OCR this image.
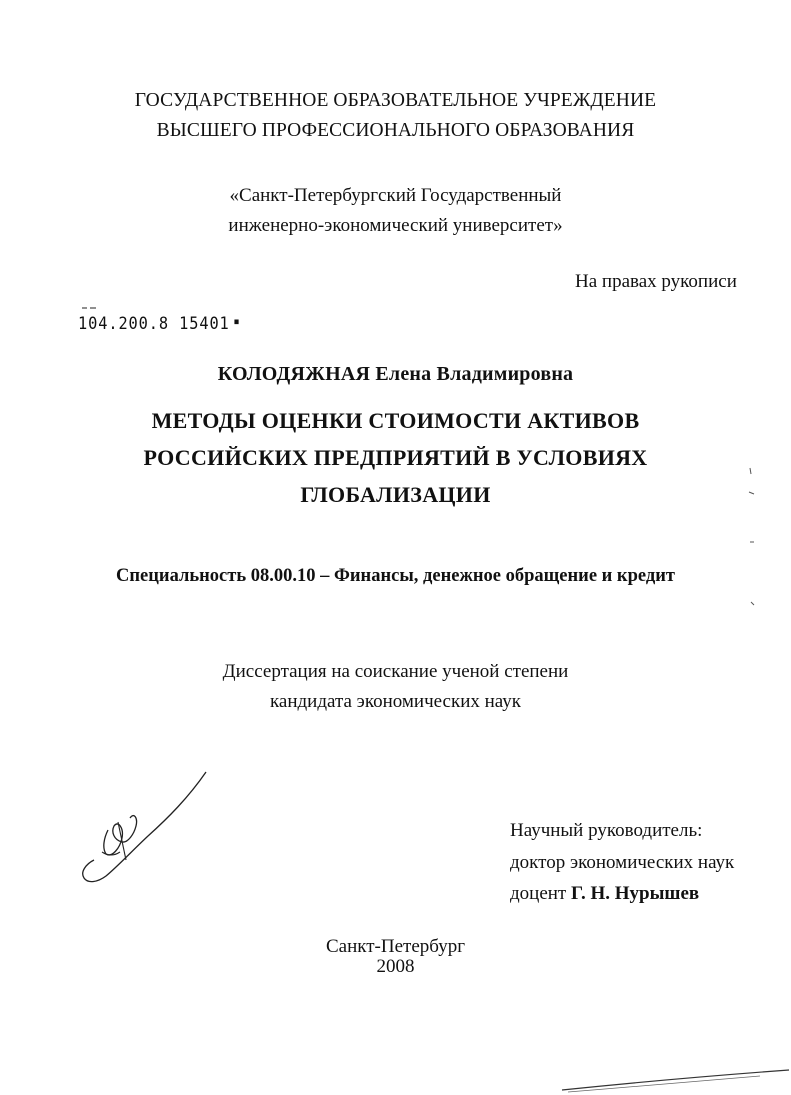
ГОСУДАРСТВЕННОЕ ОБРАЗОВАТЕЛЬНОЕ УЧРЕЖДЕНИЕ
ВЫСШЕГО ПРОФЕССИОНАЛЬНОГО ОБРАЗОВАНИЯ
«Санкт-Петербургский Государственный
инженерно-экономический университет»
На правах рукописи
104.200.8 15401 ▪
КОЛОДЯЖНАЯ Елена Владимировна
МЕТОДЫ ОЦЕНКИ СТОИМОСТИ АКТИВОВ
РОССИЙСКИХ ПРЕДПРИЯТИЙ В УСЛОВИЯХ
ГЛОБАЛИЗАЦИИ
Специальность 08.00.10 – Финансы, денежное обращение и кредит
Диссертация на соискание ученой степени
кандидата экономических наук
Научный руководитель:
доктор экономических наук
доцент Г. Н. Нурышев
Санкт-Петербург
2008
